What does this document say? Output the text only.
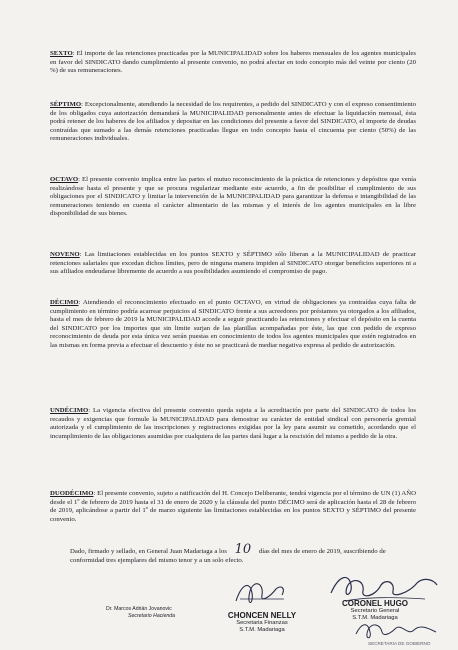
SEXTO: El importe de las retenciones practicadas por la MUNICIPALIDAD sobre los haberes mensuales de los agentes municipales en favor del SINDICATO dando cumplimiento al presente convenio, no podrá afectar en todo concepto más del veinte por ciento (20 %) de sus remuneraciones.

SÉPTIMO: Excepcionalmente, atendiendo la necesidad de los requirentes, a pedido del SINDICATO y con el expreso consentimiento de los obligados cuya autorización demandará la MUNICIPALIDAD personalmente antes de efectuar la liquidación mensual, ésta podrá retener de los haberes de los afiliados y depositar en las condiciones del presente a favor del SINDICATO, el importe de deudas contraídas que sumado a las demás retenciones practicadas llegue en todo concepto hasta el cincuenta por ciento (50%) de las remuneraciones individuales.

OCTAVO: El presente convenio implica entre las partes el mutuo reconocimiento de la práctica de retenciones y depósitos que venía realizándose hasta el presente y que se procura regularizar mediante este acuerdo, a fin de posibilitar el cumplimiento de sus obligaciones por el SINDICATO y limitar la intervención de la MUNICIPALIDAD para garantizar la defensa e intangibilidad de las remuneraciones teniendo en cuenta el carácter alimentario de las mismas y el interés de los agentes municipales en la libre disponibilidad de sus bienes.

NOVENO: Las limitaciones establecidas en los puntos SEXTO y SÉPTIMO sólo liberan a la MUNICIPALIDAD de practicar retenciones salariales que excedan dichos límites, pero de ninguna manera impiden al SINDICATO otorgar beneficios superiores ni a sus afiliados endeudarse libremente de acuerdo a sus posibilidades asumiendo el compromiso de pago.

DÉCIMO: Atendiendo el reconocimiento efectuado en el punto OCTAVO, en virtud de obligaciones ya contraídas cuya falta de cumplimiento en término podría acarrear perjuicios al SINDICATO frente a sus acreedores por préstamos ya otorgados a los afiliados, hasta el mes de febrero de 2019 la MUNICIPALIDAD accede a seguir practicando las retenciones y efectuar el depósito en la cuenta del SINDICATO por los importes que sin limite surjan de las planillas acompañadas por éste, las que con pedido de expreso reconocimiento de deuda por esta única vez serán puestas en conocimiento de todos los agentes municipales que estén registrados en las mismas en forma previa a efectuar el descuento y éste no se practicará de mediar negativa expresa al pedido de autorización.

UNDÉCIMO: La vigencia efectiva del presente convenio queda sujeta a la acreditación por parte del SINDICATO de todos los recaudos y exigencias que formule la MUNICIPALIDAD para demostrar su carácter de entidad sindical con personería gremial autorizada y el cumplimiento de las inscripciones y registraciones exigidas por la ley para asumir su cometido, acordando que el incumplimiento de las obligaciones asumidas por cualquiera de las partes dará lugar a la rescisión del mismo a pedido de la otra.

DUODÉCIMO: El presente convenio, sujeto a ratificación del H. Concejo Deliberante, tendrá vigencia por el término de UN (1) AÑO desde el 1º de febrero de 2019 hasta el 31 de enero de 2020 y la cláusula del punto DÉCIMO será de aplicación hasta el 28 de febrero de 2019, aplicándose a partir del 1º de marzo siguiente las limitaciones establecidas en los puntos SEXTO y SÉPTIMO del presente convenio.

Dado, firmado y sellado, en General Juan Madariaga a los 10 días del mes de enero de 2019, suscribiendo de conformidad tres ejemplares del mismo tenor y a un solo efecto.

Dr. Marcos Adrián Jovanovic
Secretario Hacienda	CHONCEN NELLY
Secretaria Finanzas
S.T.M. Madariaga
CORONEL HUGO
Secretario General
S.T.M. Madariaga
SECRETARIA DE GOBIERNO
